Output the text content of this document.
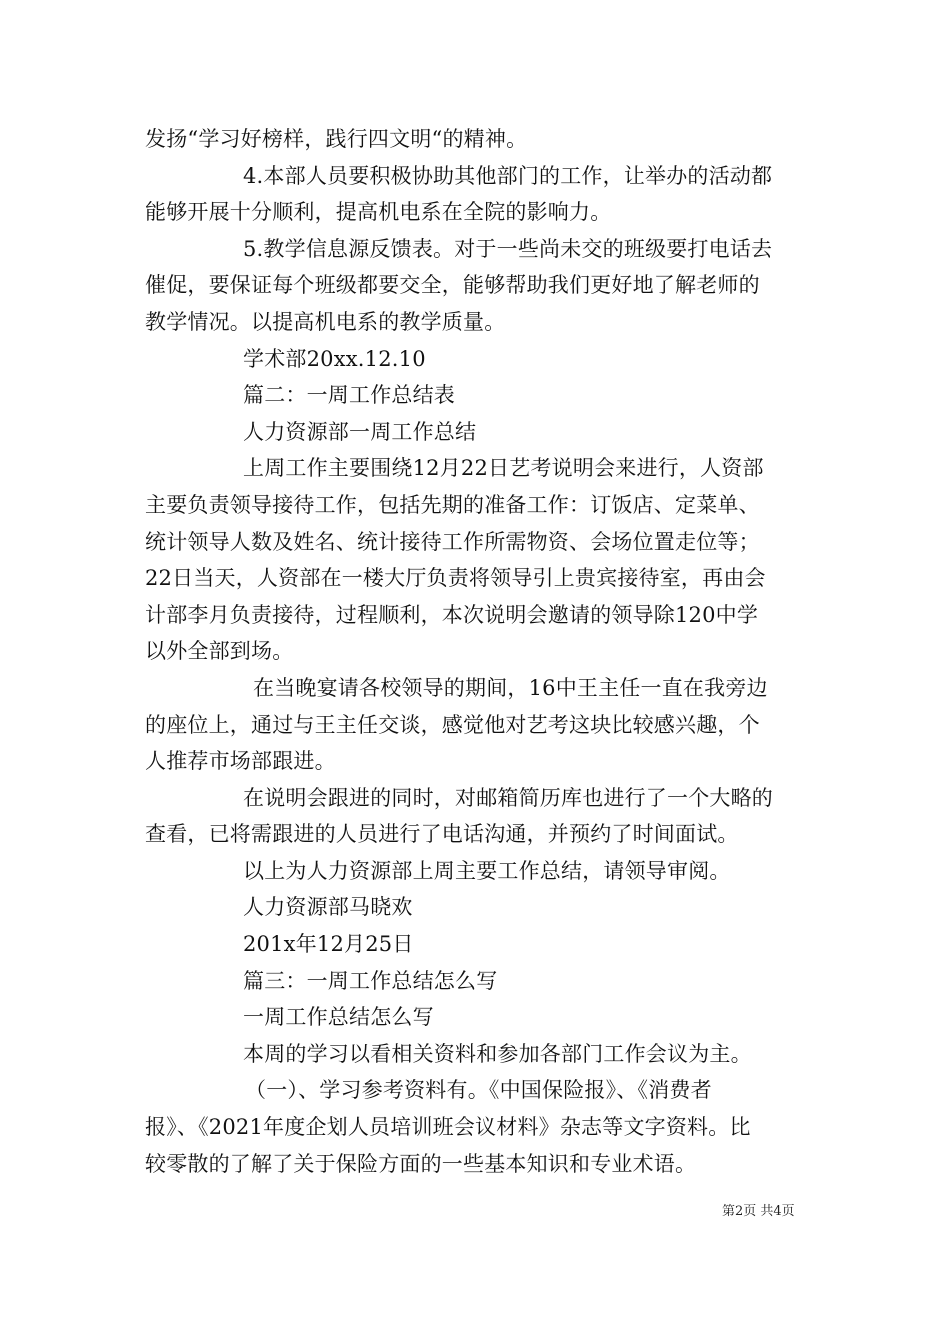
发扬“学习好榜样，践行四文明“的精神。
4.本部人员要积极协助其他部门的工作，让举办的活动都
能够开展十分顺利，提高机电系在全院的影响力。
5.教学信息源反馈表。对于一些尚未交的班级要打电话去
催促，要保证每个班级都要交全，能够帮助我们更好地了解老师的
教学情况。以提高机电系的教学质量。
学术部20xx.12.10
篇二：一周工作总结表
人力资源部一周工作总结
上周工作主要围绕12月22日艺考说明会来进行，人资部
主要负责领导接待工作，包括先期的准备工作：订饭店、定菜单、
统计领导人数及姓名、统计接待工作所需物资、会场位置走位等；
22日当天，人资部在一楼大厅负责将领导引上贵宾接待室，再由会
计部李月负责接待，过程顺利，本次说明会邀请的领导除120中学
以外全部到场。
在当晚宴请各校领导的期间，16中王主任一直在我旁边
的座位上，通过与王主任交谈，感觉他对艺考这块比较感兴趣，个
人推荐市场部跟进。
在说明会跟进的同时，对邮箱简历库也进行了一个大略的
查看，已将需跟进的人员进行了电话沟通，并预约了时间面试。
以上为人力资源部上周主要工作总结，请领导审阅。
人力资源部马晓欢
201x年12月25日
篇三：一周工作总结怎么写
一周工作总结怎么写
本周的学习以看相关资料和参加各部门工作会议为主。
（一）、学习参考资料有。《中国保险报》、《消费者
报》、《2021年度企划人员培训班会议材料》杂志等文字资料。比
较零散的了解了关于保险方面的一些基本知识和专业术语。
第2页 共4页
